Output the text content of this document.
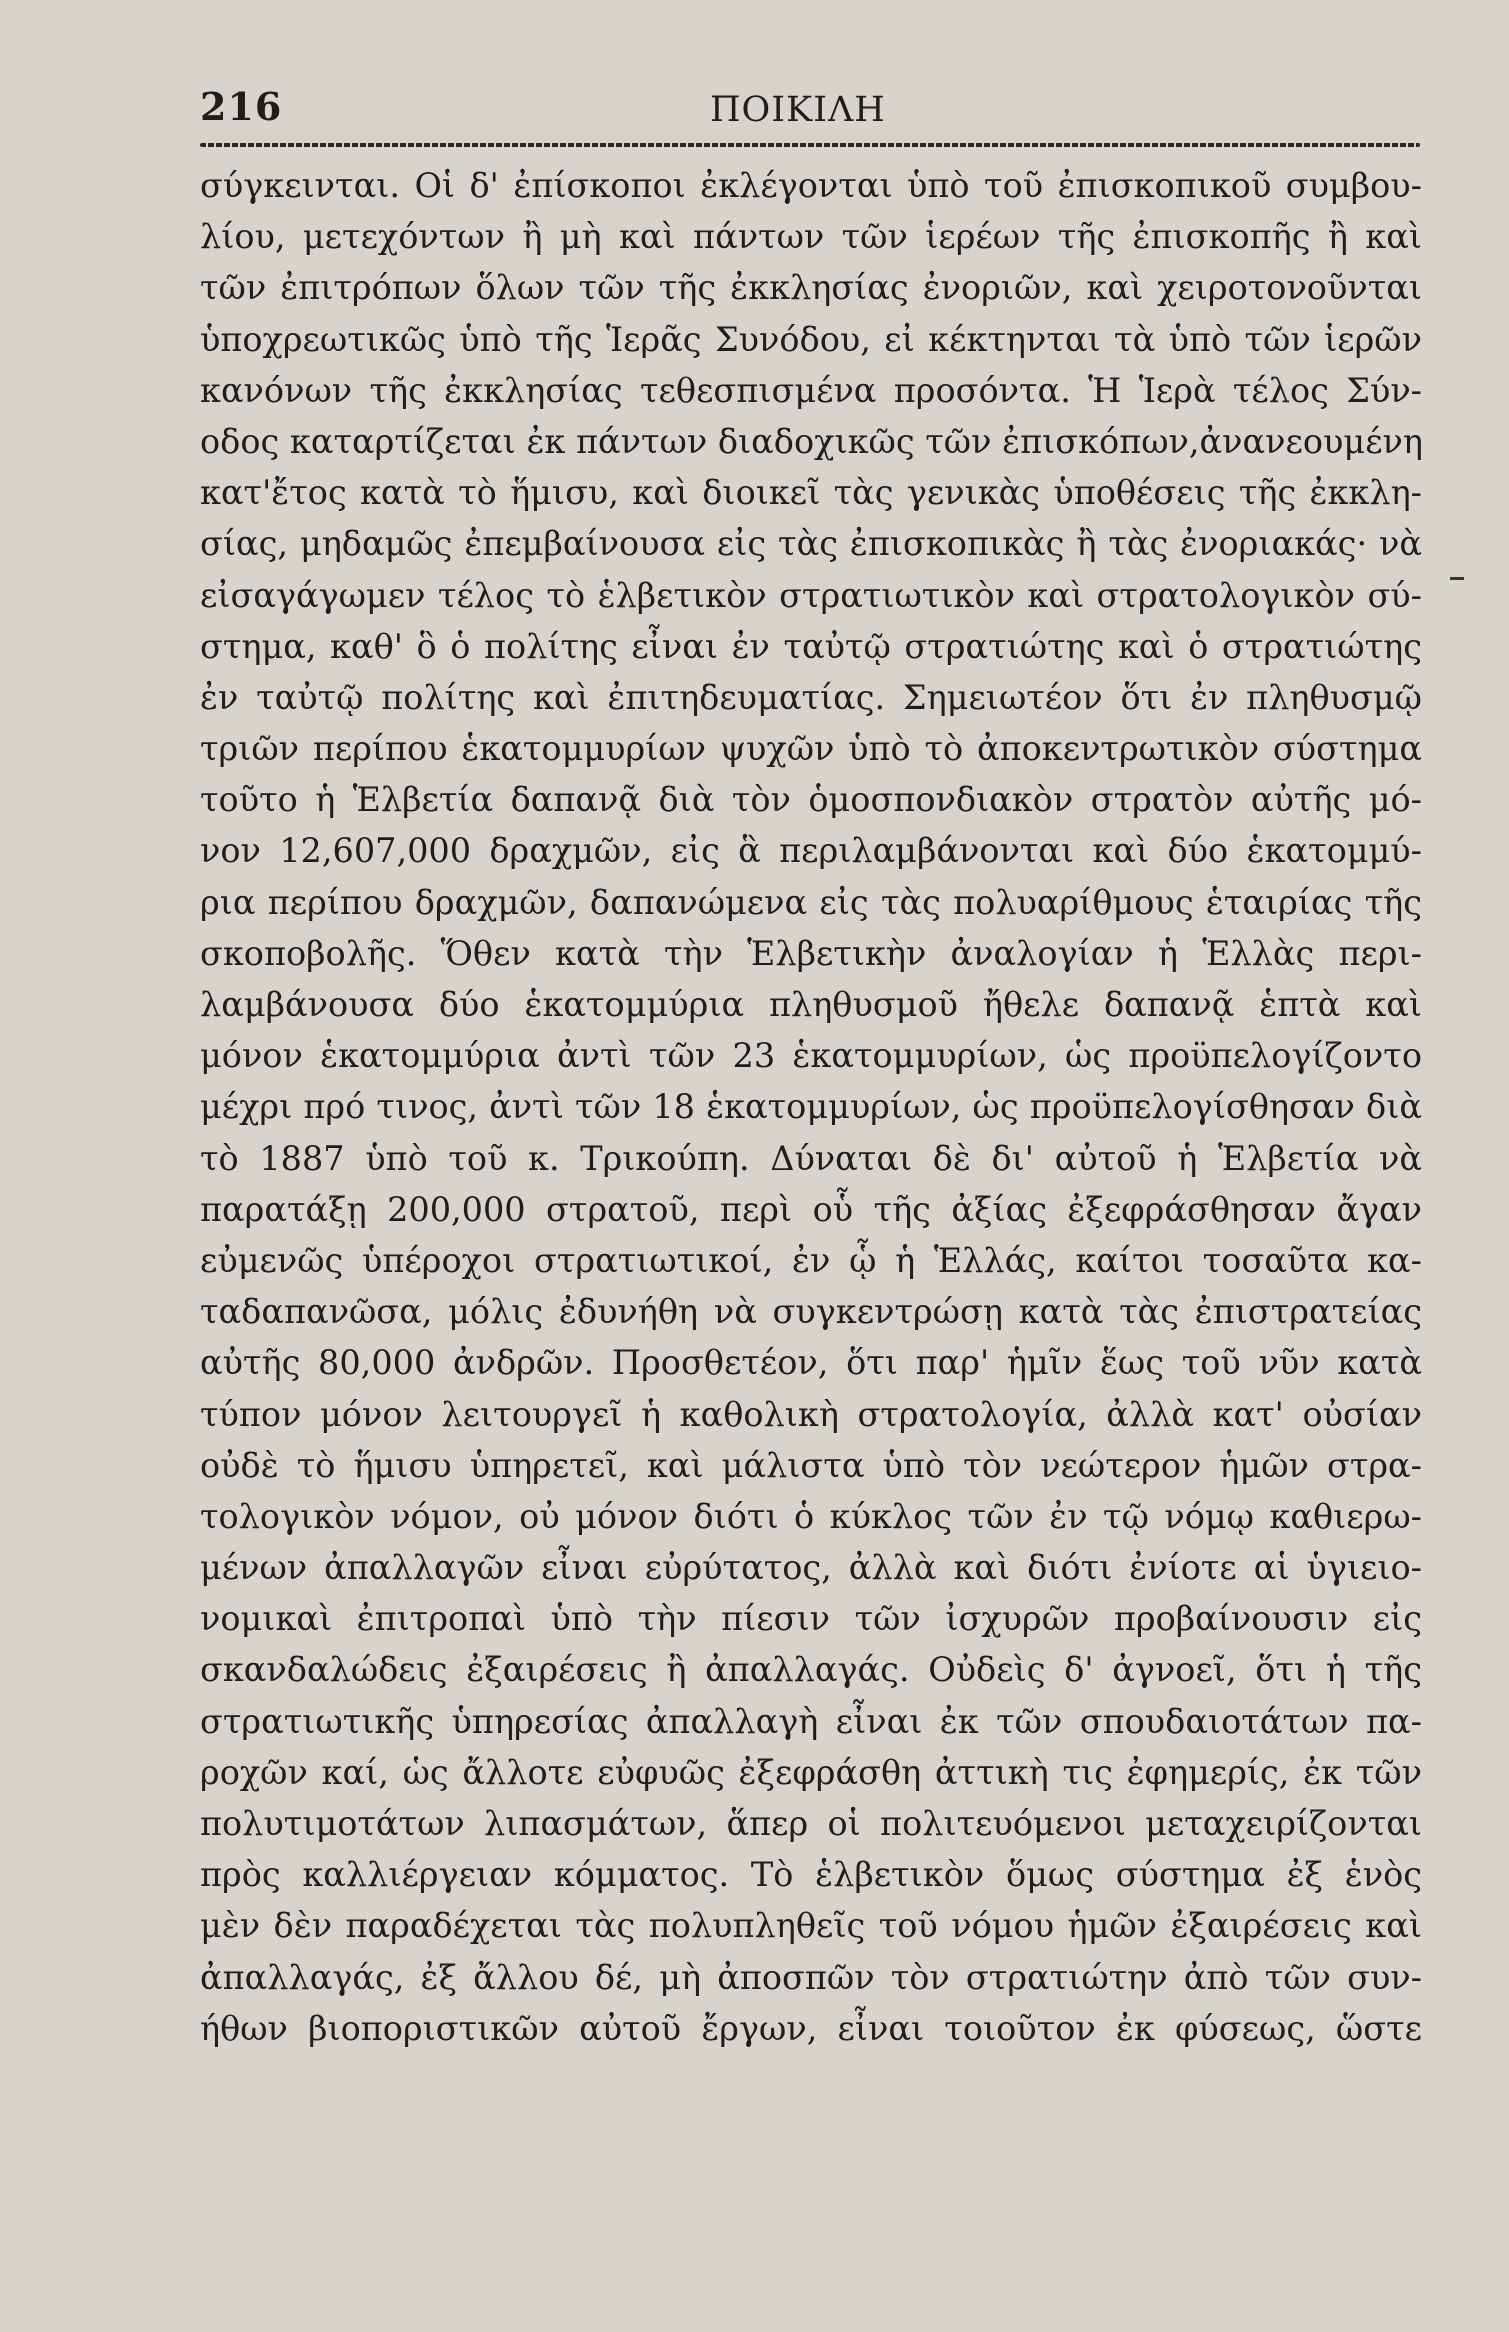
216	ΠΟΙΚΙΛΗ
σύγκεινται. Οἱ δ' ἐπίσκοποι ἐκλέγονται ὑπὸ τοῦ ἐπισκοπικοῦ συμβου-
λίου, μετεχόντων ἢ μὴ καὶ πάντων τῶν ἱερέων τῆς ἐπισκοπῆς ἢ καὶ
τῶν ἐπιτρόπων ὅλων τῶν τῆς ἐκκλησίας ἐνοριῶν, καὶ χειροτονοῦνται
ὑποχρεωτικῶς ὑπὸ τῆς Ἱερᾶς Συνόδου, εἰ κέκτηνται τὰ ὑπὸ τῶν ἱερῶν
κανόνων τῆς ἐκκλησίας τεθεσπισμένα προσόντα. Ἡ Ἱερὰ τέλος Σύν-
οδος καταρτίζεται ἐκ πάντων διαδοχικῶς τῶν ἐπισκόπων,ἀνανεουμένη
κατ'ἔτος κατὰ τὸ ἥμισυ, καὶ διοικεῖ τὰς γενικὰς ὑποθέσεις τῆς ἐκκλη-
σίας, μηδαμῶς ἐπεμβαίνουσα εἰς τὰς ἐπισκοπικὰς ἢ τὰς ἐνοριακάς· νὰ
εἰσαγάγωμεν τέλος τὸ ἑλβετικὸν στρατιωτικὸν καὶ στρατολογικὸν σύ-
στημα, καθ' ὃ ὁ πολίτης εἶναι ἐν ταὐτῷ στρατιώτης καὶ ὁ στρατιώτης
ἐν ταὐτῷ πολίτης καὶ ἐπιτηδευματίας. Σημειωτέον ὅτι ἐν πληθυσμῷ
τριῶν περίπου ἑκατομμυρίων ψυχῶν ὑπὸ τὸ ἀποκεντρωτικὸν σύστημα
τοῦτο ἡ Ἑλβετία δαπανᾷ διὰ τὸν ὁμοσπονδιακὸν στρατὸν αὐτῆς μό-
νον 12,607,000 δραχμῶν, εἰς ἃ περιλαμβάνονται καὶ δύο ἑκατομμύ-
ρια περίπου δραχμῶν, δαπανώμενα εἰς τὰς πολυαρίθμους ἑταιρίας τῆς
σκοποβολῆς. Ὅθεν κατὰ τὴν Ἑλβετικὴν ἀναλογίαν ἡ Ἑλλὰς περι-
λαμβάνουσα δύο ἑκατομμύρια πληθυσμοῦ ἤθελε δαπανᾷ ἑπτὰ καὶ
μόνον ἑκατομμύρια ἀντὶ τῶν 23 ἑκατομμυρίων, ὡς προϋπελογίζοντο
μέχρι πρό τινος, ἀντὶ τῶν 18 ἑκατομμυρίων, ὡς προϋπελογίσθησαν διὰ
τὸ 1887 ὑπὸ τοῦ κ. Τρικούπη. Δύναται δὲ δι' αὐτοῦ ἡ Ἑλβετία νὰ
παρατάξῃ 200,000 στρατοῦ, περὶ οὗ τῆς ἀξίας ἐξεφράσθησαν ἄγαν
εὐμενῶς ὑπέροχοι στρατιωτικοί, ἐν ᾧ ἡ Ἑλλάς, καίτοι τοσαῦτα κα-
ταδαπανῶσα, μόλις ἐδυνήθη νὰ συγκεντρώσῃ κατὰ τὰς ἐπιστρατείας
αὐτῆς 80,000 ἀνδρῶν. Προσθετέον, ὅτι παρ' ἡμῖν ἕως τοῦ νῦν κατὰ
τύπον μόνον λειτουργεῖ ἡ καθολικὴ στρατολογία, ἀλλὰ κατ' οὐσίαν
οὐδὲ τὸ ἥμισυ ὑπηρετεῖ, καὶ μάλιστα ὑπὸ τὸν νεώτερον ἡμῶν στρα-
τολογικὸν νόμον, οὐ μόνον διότι ὁ κύκλος τῶν ἐν τῷ νόμῳ καθιερω-
μένων ἀπαλλαγῶν εἶναι εὐρύτατος, ἀλλὰ καὶ διότι ἐνίοτε αἱ ὑγιειο-
νομικαὶ ἐπιτροπαὶ ὑπὸ τὴν πίεσιν τῶν ἰσχυρῶν προβαίνουσιν εἰς
σκανδαλώδεις ἐξαιρέσεις ἢ ἀπαλλαγάς. Οὐδεὶς δ' ἀγνοεῖ, ὅτι ἡ τῆς
στρατιωτικῆς ὑπηρεσίας ἀπαλλαγὴ εἶναι ἐκ τῶν σπουδαιοτάτων πα-
ροχῶν καί, ὡς ἄλλοτε εὐφυῶς ἐξεφράσθη ἀττικὴ τις ἐφημερίς, ἐκ τῶν
πολυτιμοτάτων λιπασμάτων, ἅπερ οἱ πολιτευόμενοι μεταχειρίζονται
πρὸς καλλιέργειαν κόμματος. Τὸ ἑλβετικὸν ὅμως σύστημα ἐξ ἑνὸς
μὲν δὲν παραδέχεται τὰς πολυπληθεῖς τοῦ νόμου ἡμῶν ἐξαιρέσεις καὶ
ἀπαλλαγάς, ἐξ ἄλλου δέ, μὴ ἀποσπῶν τὸν στρατιώτην ἀπὸ τῶν συν-
ήθων βιοποριστικῶν αὐτοῦ ἔργων, εἶναι τοιοῦτον ἐκ φύσεως, ὥστε
